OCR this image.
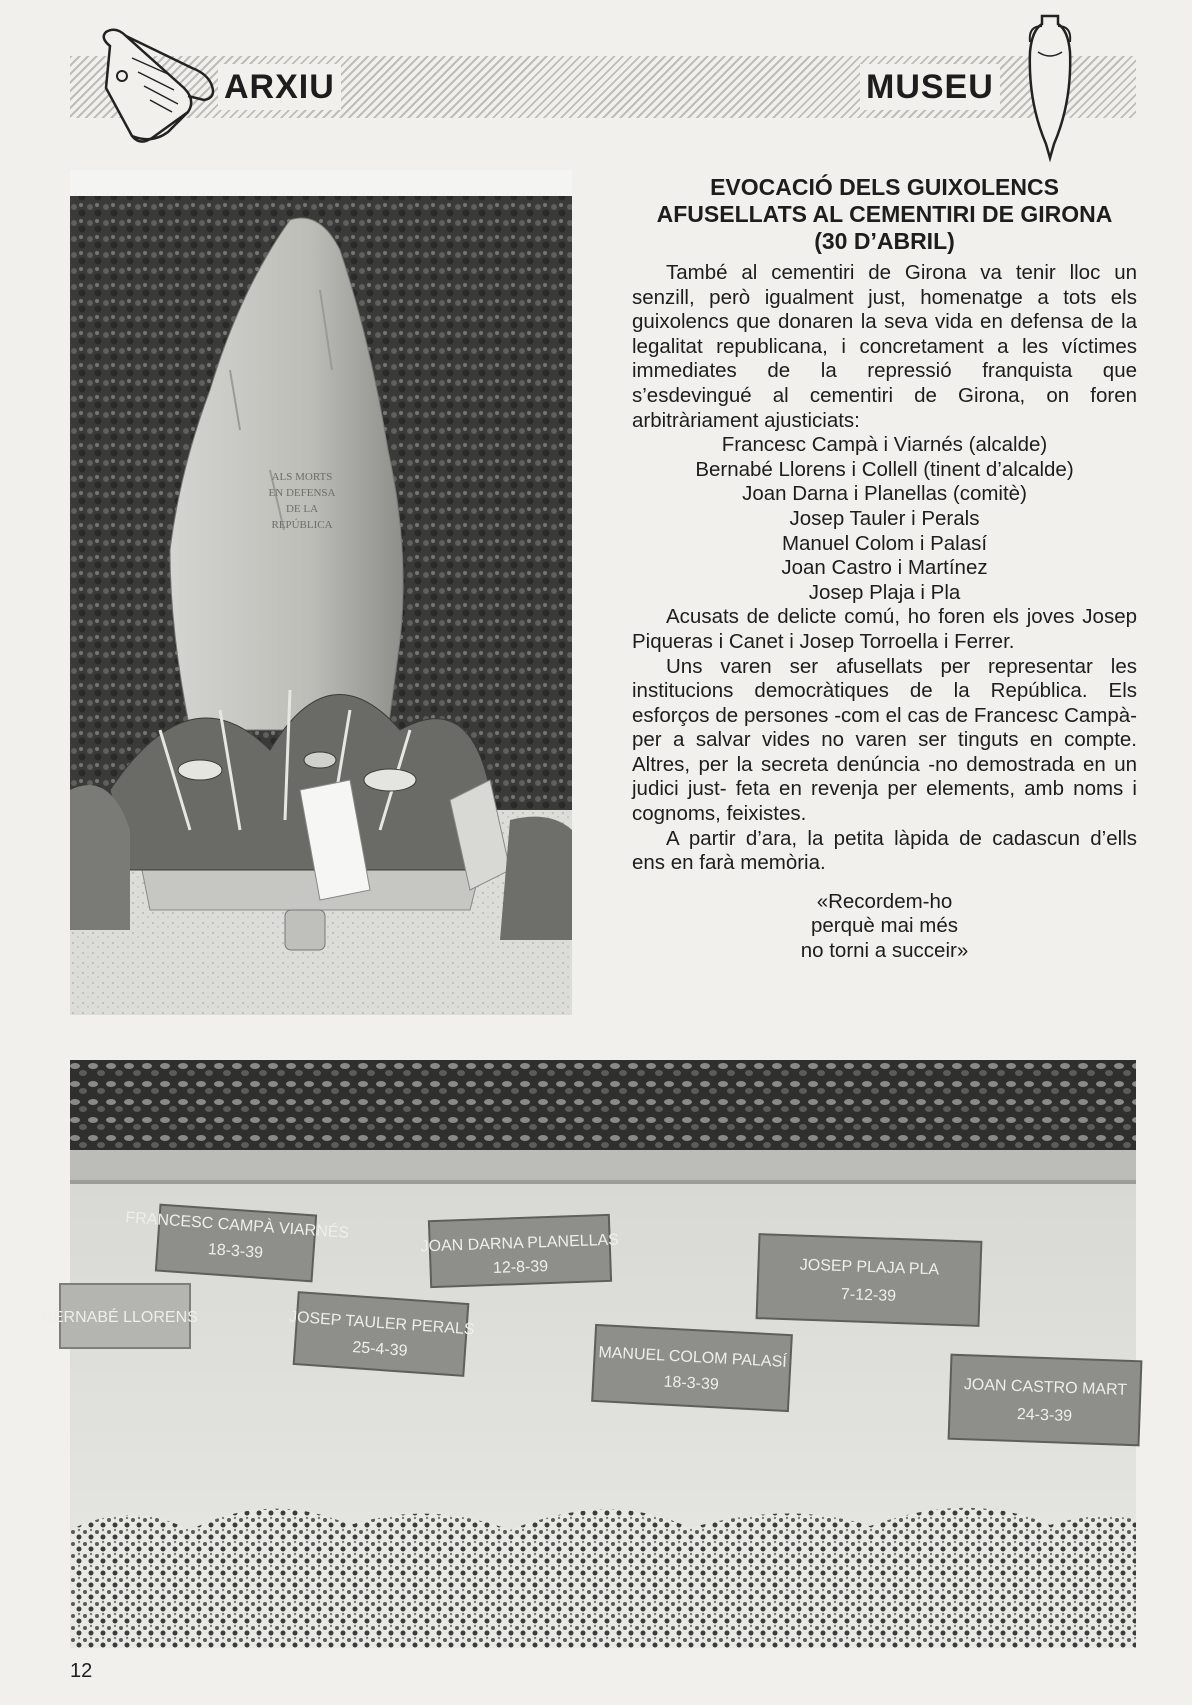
ARXIU	MUSEU
ALS MORTS
EN DEFENSA
DE LA
REPÚBLICA
EVOCACIÓ DELS GUIXOLENCS
AFUSELLATS AL CEMENTIRI DE GIRONA
(30 D’ABRIL)

També al cementiri de Girona va tenir lloc un senzill, però igualment just, homenatge a tots els guixolencs que donaren la seva vida en defensa de la legalitat republicana, i concretament a les víctimes immediates de la repressió franquista que s’esdevingué al cementiri de Girona, on foren arbitràriament ajusticiats:

Francesc Campà i Viarnés (alcalde)
Bernabé Llorens i Collell (tinent d’alcalde)
Joan Darna i Planellas (comitè)
Josep Tauler i Perals
Manuel Colom i Palasí
Joan Castro i Martínez
Josep Plaja i Pla

Acusats de delicte comú, ho foren els joves Josep Piqueras i Canet i Josep Torroella i Ferrer.

Uns varen ser afusellats per representar les institucions democràtiques de la República. Els esforços de persones -com el cas de Francesc Campà- per a salvar vides no varen ser tinguts en compte. Altres, per la secreta denúncia -no demostrada en un judici just- feta en revenja per elements, amb noms i cognoms, feixistes.

A partir d’ara, la petita làpida de cadascun d’ells ens en farà memòria.

«Recordem-ho
perquè mai més
no torni a succeir»
FRANCESC CAMPÀ VIARNÉS
18-3-39	JOAN DARNA PLANELLAS
12-8-39	JOSEP PLAJA PLA
7-12-39
JOSEP TAULER PERALS
25-4-39	MANUEL COLOM PALASÍ
18-3-39	JOAN CASTRO MART
24-3-39
BERNABÉ LLORENS
12
